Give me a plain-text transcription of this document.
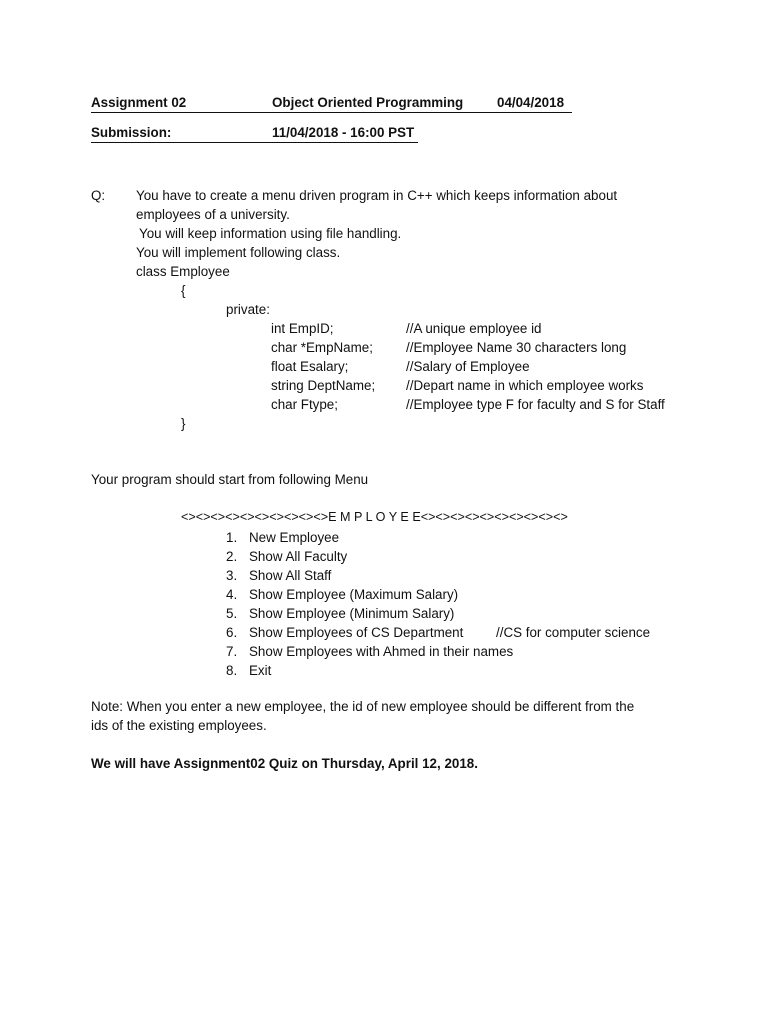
Assignment 02	Object Oriented Programming	04/04/2018
Submission:	11/04/2018 - 16:00 PST
Q: You have to create a menu driven program in C++ which keeps information about
employees of a university.
You will keep information using file handling.
You will implement following class.
class Employee
{
private:
int EmpID;	//A unique employee id
char *EmpName; //Employee Name 30 characters long
float Esalary;	//Salary of Employee
string DeptName; //Depart name in which employee works
char Ftype;	//Employee type F for faculty and S for Staff
}
Your program should start from following Menu
<><><><><><><><><><>E M P L O Y E E<><><><><><><><><><>
1. New Employee
2. Show All Faculty
3. Show All Staff
4. Show Employee (Maximum Salary)
5. Show Employee (Minimum Salary)
6. Show Employees of CS Department //CS for computer science
7. Show Employees with Ahmed in their names
8. Exit
Note: When you enter a new employee, the id of new employee should be different from the
ids of the existing employees.
We will have Assignment02 Quiz on Thursday, April 12, 2018.
